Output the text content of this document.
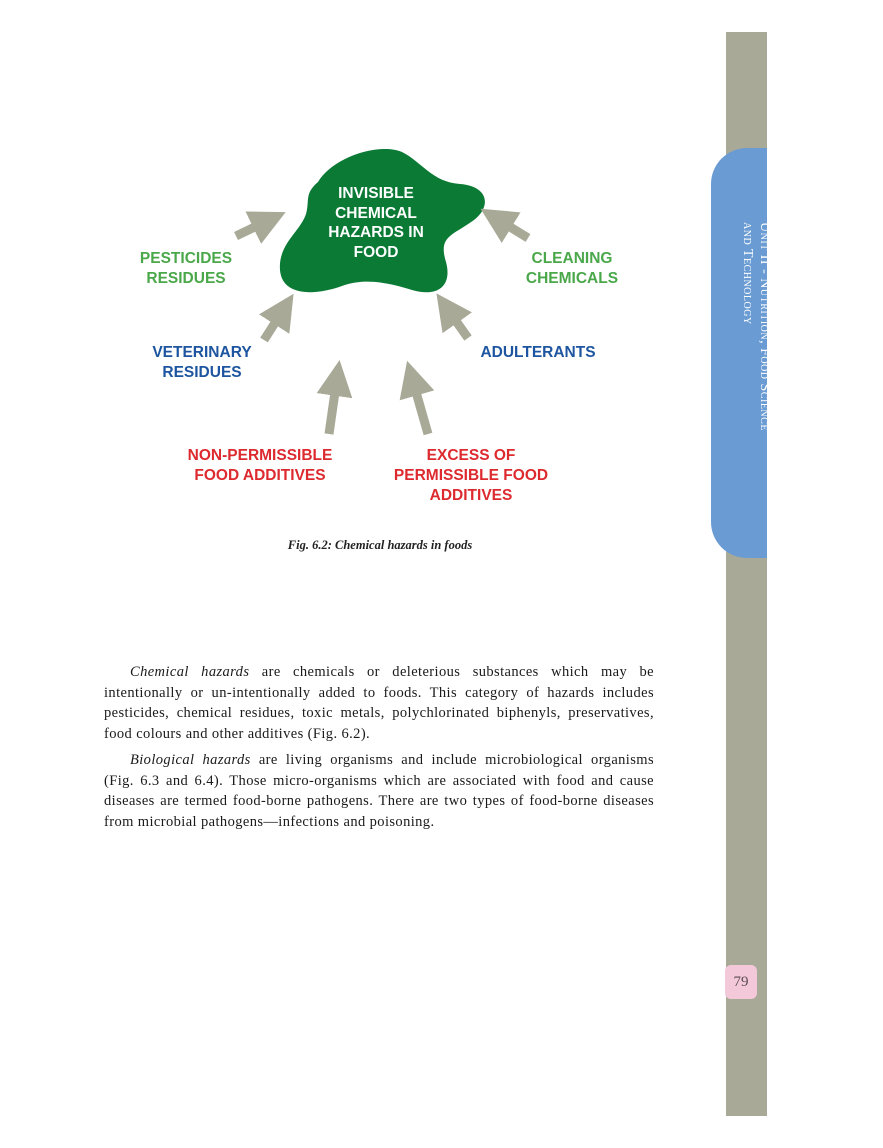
Unit II - Nutrition, Food Science
and Technology
79
INVISIBLE
CHEMICAL
HAZARDS IN
FOOD
PESTICIDES
RESIDUES
CLEANING
CHEMICALS
VETERINARY
RESIDUES
ADULTERANTS
NON-PERMISSIBLE
FOOD ADDITIVES
EXCESS OF
PERMISSIBLE FOOD
ADDITIVES
Fig. 6.2: Chemical hazards in foods

Chemical hazards are chemicals or deleterious substances which may be intentionally or un-intentionally added to foods. This category of hazards includes pesticides, chemical residues, toxic metals, polychlorinated biphenyls, preservatives, food colours and other additives (Fig. 6.2).

Biological hazards are living organisms and include microbiological organisms (Fig. 6.3 and 6.4). Those micro-organisms which are associated with food and cause diseases are termed food-borne pathogens. There are two types of food-borne diseases from microbial pathogens—infections and poisoning.
